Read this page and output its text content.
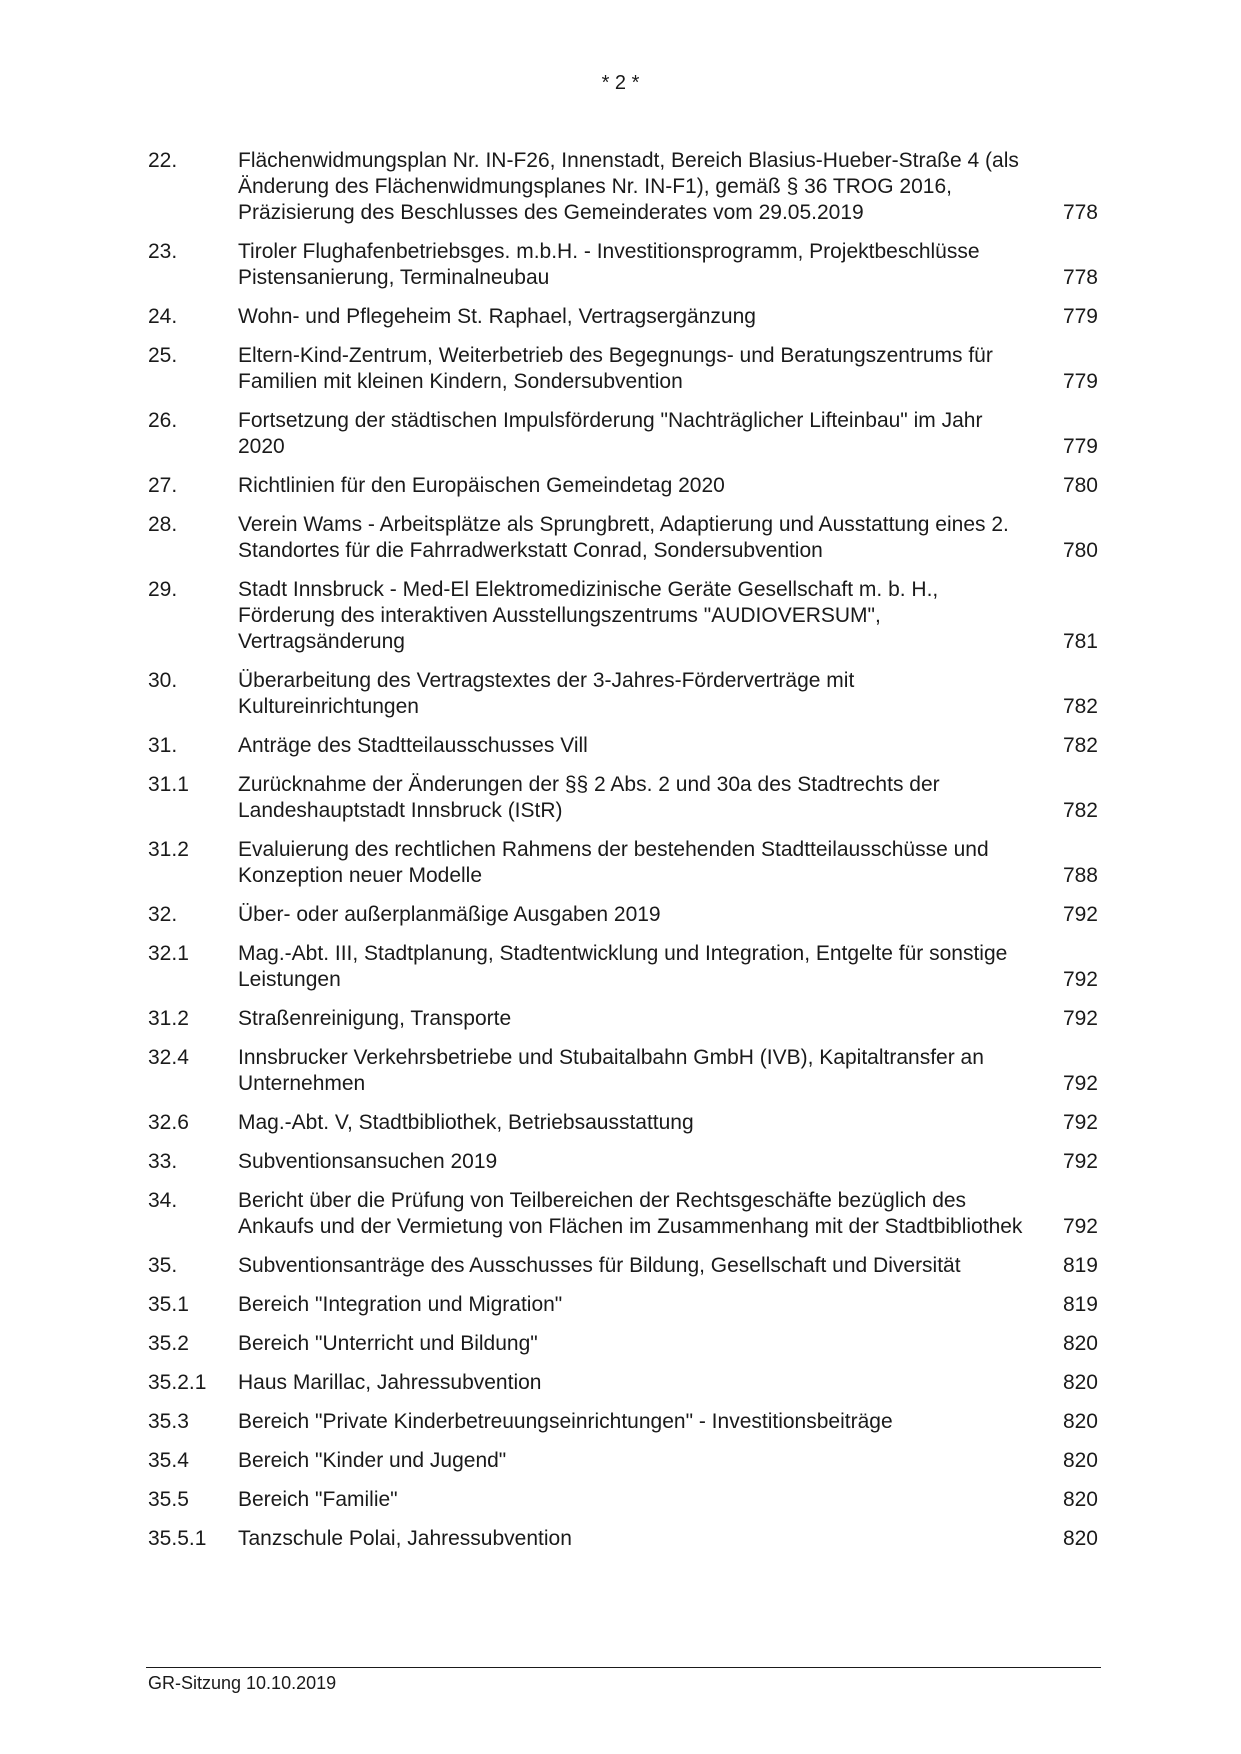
* 2 *
22.	Flächenwidmungsplan Nr. IN-F26, Innenstadt, Bereich Blasius-Hueber-Straße 4 (als Änderung des Flächenwidmungsplanes Nr. IN-F1), gemäß § 36 TROG 2016, Präzisierung des Beschlusses des Gemeinderates vom 29.05.2019	778
23.	Tiroler Flughafenbetriebsges. m.b.H. - Investitionsprogramm, Projektbeschlüsse Pistensanierung, Terminalneubau	778
24.	Wohn- und Pflegeheim St. Raphael, Vertragsergänzung	779
25.	Eltern-Kind-Zentrum, Weiterbetrieb des Begegnungs- und Beratungszentrums für Familien mit kleinen Kindern, Sondersubvention	779
26.	Fortsetzung der städtischen Impulsförderung "Nachträglicher Lifteinbau" im Jahr 2020	779
27.	Richtlinien für den Europäischen Gemeindetag 2020	780
28.	Verein Wams - Arbeitsplätze als Sprungbrett, Adaptierung und Ausstattung eines 2. Standortes für die Fahrradwerkstatt Conrad, Sondersubvention	780
29.	Stadt Innsbruck - Med-El Elektromedizinische Geräte Gesellschaft m. b. H., Förderung des interaktiven Ausstellungszentrums "AUDIOVERSUM", Vertragsänderung	781
30.	Überarbeitung des Vertragstextes der 3-Jahres-Förderverträge mit Kultureinrichtungen	782
31.	Anträge des Stadtteilausschusses Vill	782
31.1	Zurücknahme der Änderungen der §§ 2 Abs. 2 und 30a des Stadtrechts der Landeshauptstadt Innsbruck (IStR)	782
31.2	Evaluierung des rechtlichen Rahmens der bestehenden Stadtteilausschüsse und Konzeption neuer Modelle	788
32.	Über- oder außerplanmäßige Ausgaben 2019	792
32.1	Mag.-Abt. III, Stadtplanung, Stadtentwicklung und Integration, Entgelte für sonstige Leistungen	792
31.2	Straßenreinigung, Transporte	792
32.4	Innsbrucker Verkehrsbetriebe und Stubaitalbahn GmbH (IVB), Kapitaltransfer an Unternehmen	792
32.6	Mag.-Abt. V, Stadtbibliothek, Betriebsausstattung	792
33.	Subventionsansuchen 2019	792
34.	Bericht über die Prüfung von Teilbereichen der Rechtsgeschäfte bezüglich des Ankaufs und der Vermietung von Flächen im Zusammenhang mit der Stadtbibliothek	792
35.	Subventionsanträge des Ausschusses für Bildung, Gesellschaft und Diversität	819
35.1	Bereich "Integration und Migration"	819
35.2	Bereich "Unterricht und Bildung"	820
35.2.1	Haus Marillac, Jahressubvention	820
35.3	Bereich "Private Kinderbetreuungseinrichtungen" - Investitionsbeiträge	820
35.4	Bereich "Kinder und Jugend"	820
35.5	Bereich "Familie"	820
35.5.1	Tanzschule Polai, Jahressubvention	820
GR-Sitzung 10.10.2019
